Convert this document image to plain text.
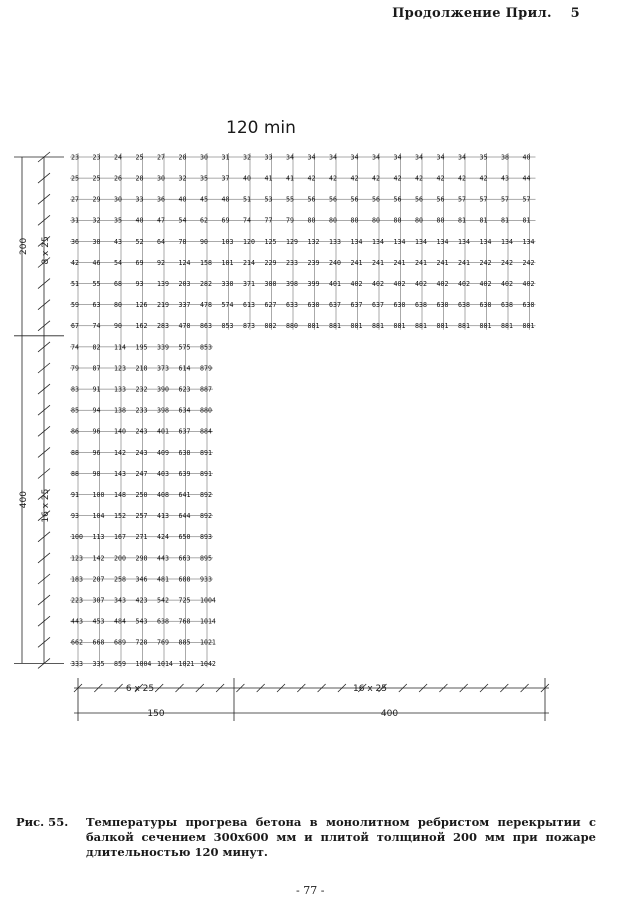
Продолжение Прил. 5
120 min
200 8 x 25
400 16 x 25
6 x 25	16 x 25
150	400
23 23 24 25 27 28 30 31 32 33 34 34 34 34 34 34 34 34 34 35 38 40
25 25 26 28 30 32 35 37 40 41 41 42 42 42 42 42 42 42 42 42 43 44
27 29 30 33 36 40 45 48 51 53 55 56 56 56 56 56 56 56 57 57 57 57
31 32 35 40 47 54 62 69 74 77 79 80 80 80 80 80 80 80 81 81 81 81
36 38 43 52 64 78 90 103 120 125 129 132 133 134 134 134 134 134 134 134 134 134
42 46 54 69 92 124 158 181 214 229 233 239 240 241 241 241 241 241 241 242 242 242
51 55 68 93 139 203 282 338 371 388 398 399 401 402 402 402 402 402 402 402 402 402
59 63 80 126 219 337 478 574 613 627 633 638 637 637 637 638 638 638 638 638 638 638
67 74 90 162 283 478 863 853 873 882 880 881 881 881 881 881 881 881 881 881 881 881
74 82 114 195 339 575 853
79 87 123 218 373 614 879
83 91 133 232 390 623 887
85 94 138 233 398 634 880
86 96 140 243 401 637 884
88 96 142 243 409 638 891
88 98 143 247 403 639 891
91 100 148 250 408 641 892
93 104 152 257 413 644 892
100 113 167 271 424 650 893
123 142 200 298 443 663 895
183 207 258 346 481 688 933
223 307 343 423 542 725 1004
443 453 484 543 638 768 1014
662 668 689 728 769 885 1021
333 335 859 1004 1014 1021 1042
Рис. 55. Температуры прогрева бетона в монолитном ребристом перекрытии с балкой сечением 300x600 мм и плитой толщиной 200 мм при пожаре длительностью 120 минут.
- 77 -
